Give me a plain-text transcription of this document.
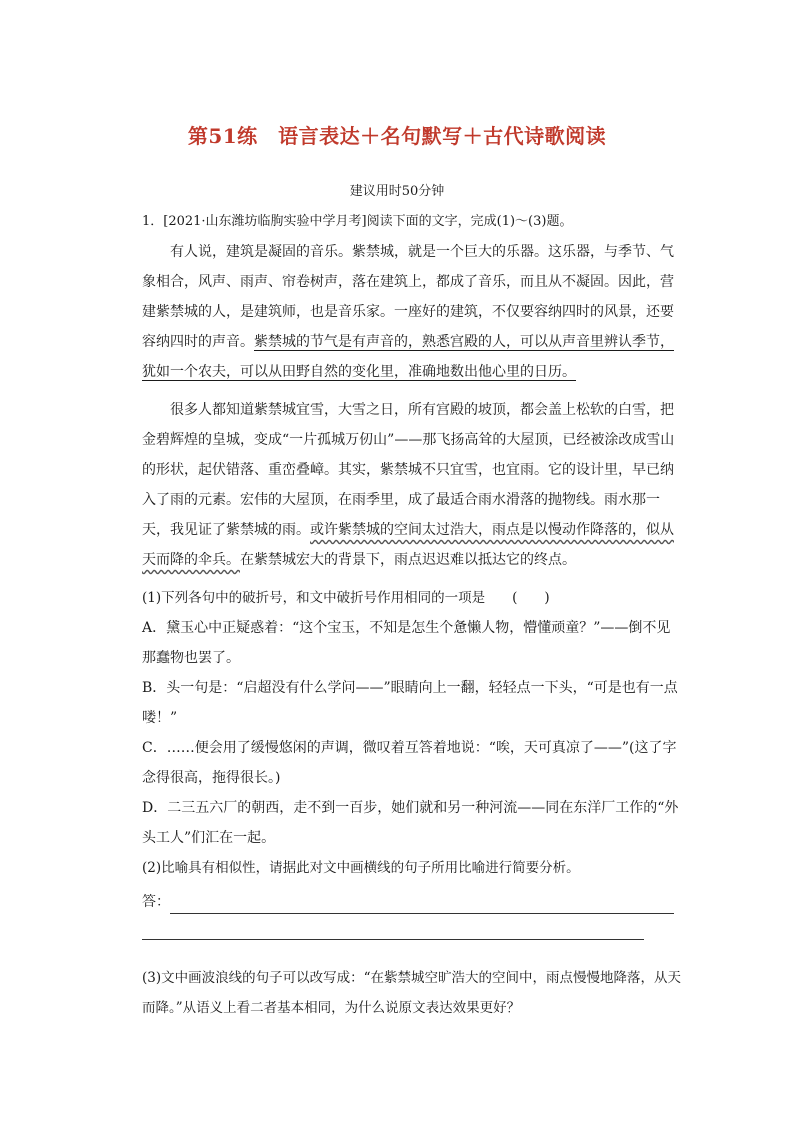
第51练　语言表达＋名句默写＋古代诗歌阅读
建议用时50分钟

1．[2021·山东潍坊临朐实验中学月考]阅读下面的文字，完成(1)～(3)题。

有人说，建筑是凝固的音乐。紫禁城，就是一个巨大的乐器。这乐器，与季节、气象相合，风声、雨声、帘卷树声，落在建筑上，都成了音乐，而且从不凝固。因此，营建紫禁城的人，是建筑师，也是音乐家。一座好的建筑，不仅要容纳四时的风景，还要容纳四时的声音。紫禁城的节气是有声音的，熟悉宫殿的人，可以从声音里辨认季节，犹如一个农夫，可以从田野自然的变化里，准确地数出他心里的日历。

很多人都知道紫禁城宜雪，大雪之日，所有宫殿的坡顶，都会盖上松软的白雪，把金碧辉煌的皇城，变成“一片孤城万仞山”——那飞扬高耸的大屋顶，已经被涂改成雪山的形状，起伏错落、重峦叠嶂。其实，紫禁城不只宜雪，也宜雨。它的设计里，早已纳入了雨的元素。宏伟的大屋顶，在雨季里，成了最适合雨水滑落的抛物线。雨水那一天，我见证了紫禁城的雨。或许紫禁城的空间太过浩大，雨点是以慢动作降落的，似从天而降的伞兵。在紫禁城宏大的背景下，雨点迟迟难以抵达它的终点。

(1)下列各句中的破折号，和文中破折号作用相同的一项是　　(　　)

A．黛玉心中正疑惑着：“这个宝玉，不知是怎生个惫懒人物，懵懂顽童？”——倒不见那蠢物也罢了。

B．头一句是：“启超没有什么学问——”眼睛向上一翻，轻轻点一下头，“可是也有一点喽！”

C．……便会用了缓慢悠闲的声调，微叹着互答着地说：“唉，天可真凉了——”(这了字念得很高，拖得很长。)

D．二三五六厂的朝西，走不到一百步，她们就和另一种河流——同在东洋厂工作的“外头工人”们汇在一起。

(2)比喻具有相似性，请据此对文中画横线的句子所用比喻进行简要分析。

答：

(3)文中画波浪线的句子可以改写成：“在紫禁城空旷浩大的空间中，雨点慢慢地降落，从天而降。”从语义上看二者基本相同，为什么说原文表达效果更好？
